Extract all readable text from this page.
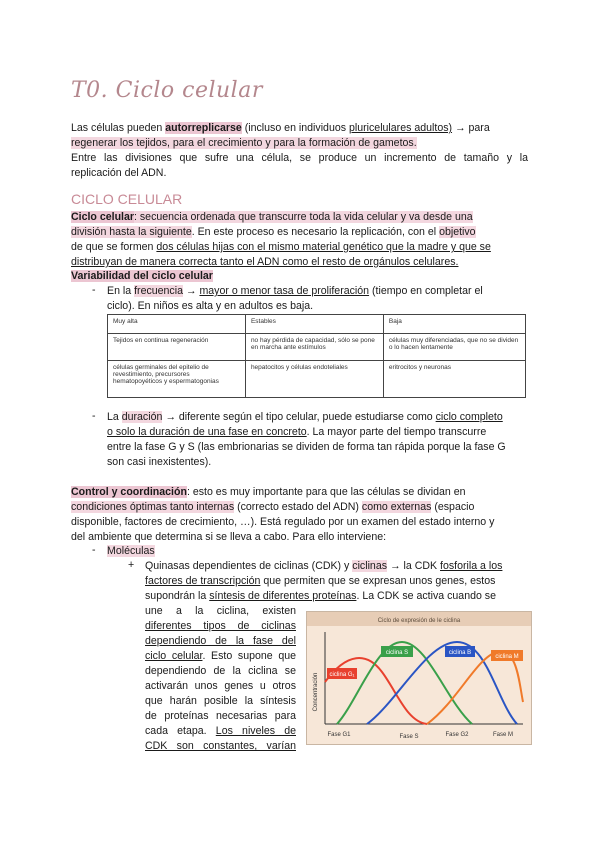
T0. Ciclo celular

Las células pueden autorreplicarse (incluso en individuos pluricelulares adultos) → para

regenerar los tejidos, para el crecimiento y para la formación de gametos.

Entre las divisiones que sufre una célula, se produce un incremento de tamaño y la

replicación del ADN.

CICLO CELULAR

Ciclo celular: secuencia ordenada que transcurre toda la vida celular y va desde una

división hasta la siguiente. En este proceso es necesario la replicación, con el objetivo

de que se formen dos células hijas con el mismo material genético que la madre y que se

distribuyan de manera correcta tanto el ADN como el resto de orgánulos celulares.

Variabilidad del ciclo celular

- En la frecuencia → mayor o menor tasa de proliferación (tiempo en completar el

ciclo). En niños es alta y en adultos es baja.

Muy alta	Estables	Baja
Tejidos en continua regeneración	no hay pérdida de capacidad, sólo se pone en marcha ante estímulos	células muy diferenciadas, que no se dividen o lo hacen lentamente
células germinales del epitelio de revestimiento, precursores hematopoyéticos y espermatogonias	hepatocitos y células endoteliales	eritrocitos y neuronas
- La duración → diferente según el tipo celular, puede estudiarse como ciclo completo

o solo la duración de una fase en concreto. La mayor parte del tiempo transcurre

entre la fase G y S (las embrionarias se dividen de forma tan rápida porque la fase G

son casi inexistentes).

Control y coordinación: esto es muy importante para que las células se dividan en

condiciones óptimas tanto internas (correcto estado del ADN) como externas (espacio

disponible, factores de crecimiento, …). Está regulado por un examen del estado interno y

del ambiente que determina si se lleva a cabo. Para ello interviene:

- Moléculas

+ Quinasas dependientes de ciclinas (CDK) y ciclinas → la CDK fosforila a los

factores de transcripción que permiten que se expresan unos genes, estos

supondrán la síntesis de diferentes proteínas. La CDK se activa cuando se

une a la ciclina, existen

diferentes tipos de ciclinas

dependiendo de la fase del

ciclo celular. Esto supone que

dependiendo de la ciclina se

activarán unos genes u otros

que harán posible la síntesis

de proteínas necesarias para

cada etapa. Los niveles de

CDK son constantes, varían

Ciclo de expresión de le ciclina
Concentración ciclina G₁
ciclina S	ciclina B
ciclina M
Fase G1	Fase S	Fase G2	Fase M
